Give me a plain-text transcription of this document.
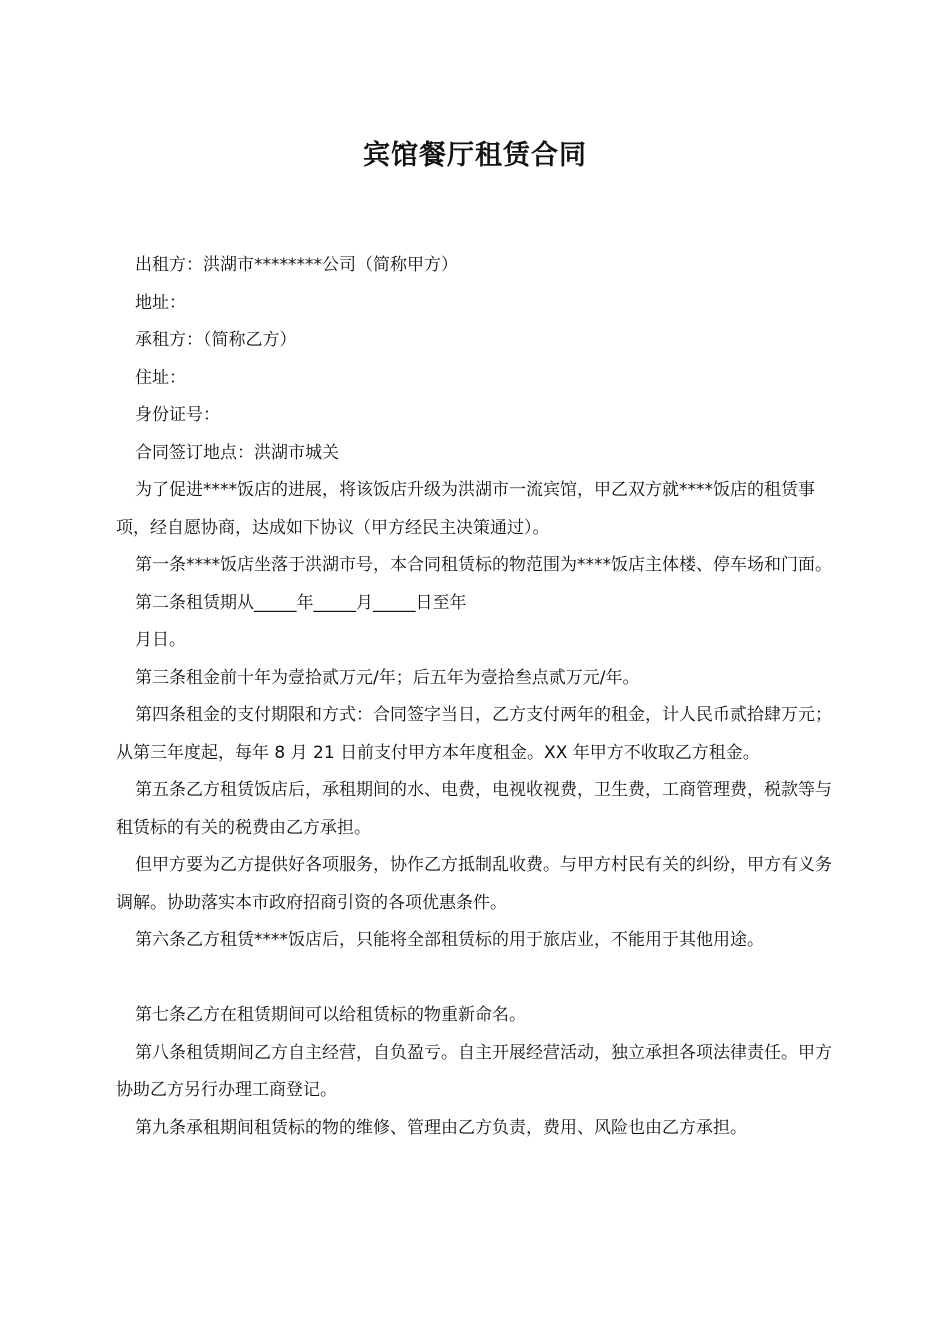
宾馆餐厅租赁合同

出租方：洪湖市********公司（简称甲方）

地址：

承租方：（简称乙方）

住址：

身份证号：

合同签订地点：洪湖市城关

为了促进****饭店的进展，将该饭店升级为洪湖市一流宾馆，甲乙双方就****饭店的租赁事项，经自愿协商，达成如下协议（甲方经民主决策通过）。

第一条****饭店坐落于洪湖市号，本合同租赁标的物范围为****饭店主体楼、停车场和门面。

第二条租赁期从_____年_____月_____日至年

月日。

第三条租金前十年为壹拾贰万元/年；后五年为壹拾叁点贰万元/年。

第四条租金的支付期限和方式：合同签字当日，乙方支付两年的租金，计人民币贰拾肆万元；从第三年度起，每年 8 月 21 日前支付甲方本年度租金。XX 年甲方不收取乙方租金。

第五条乙方租赁饭店后，承租期间的水、电费，电视收视费，卫生费，工商管理费，税款等与租赁标的有关的税费由乙方承担。

但甲方要为乙方提供好各项服务，协作乙方抵制乱收费。与甲方村民有关的纠纷，甲方有义务调解。协助落实本市政府招商引资的各项优惠条件。

第六条乙方租赁****饭店后，只能将全部租赁标的用于旅店业，不能用于其他用途。

第七条乙方在租赁期间可以给租赁标的物重新命名。

第八条租赁期间乙方自主经营，自负盈亏。自主开展经营活动，独立承担各项法律责任。甲方协助乙方另行办理工商登记。

第九条承租期间租赁标的物的维修、管理由乙方负责，费用、风险也由乙方承担。
